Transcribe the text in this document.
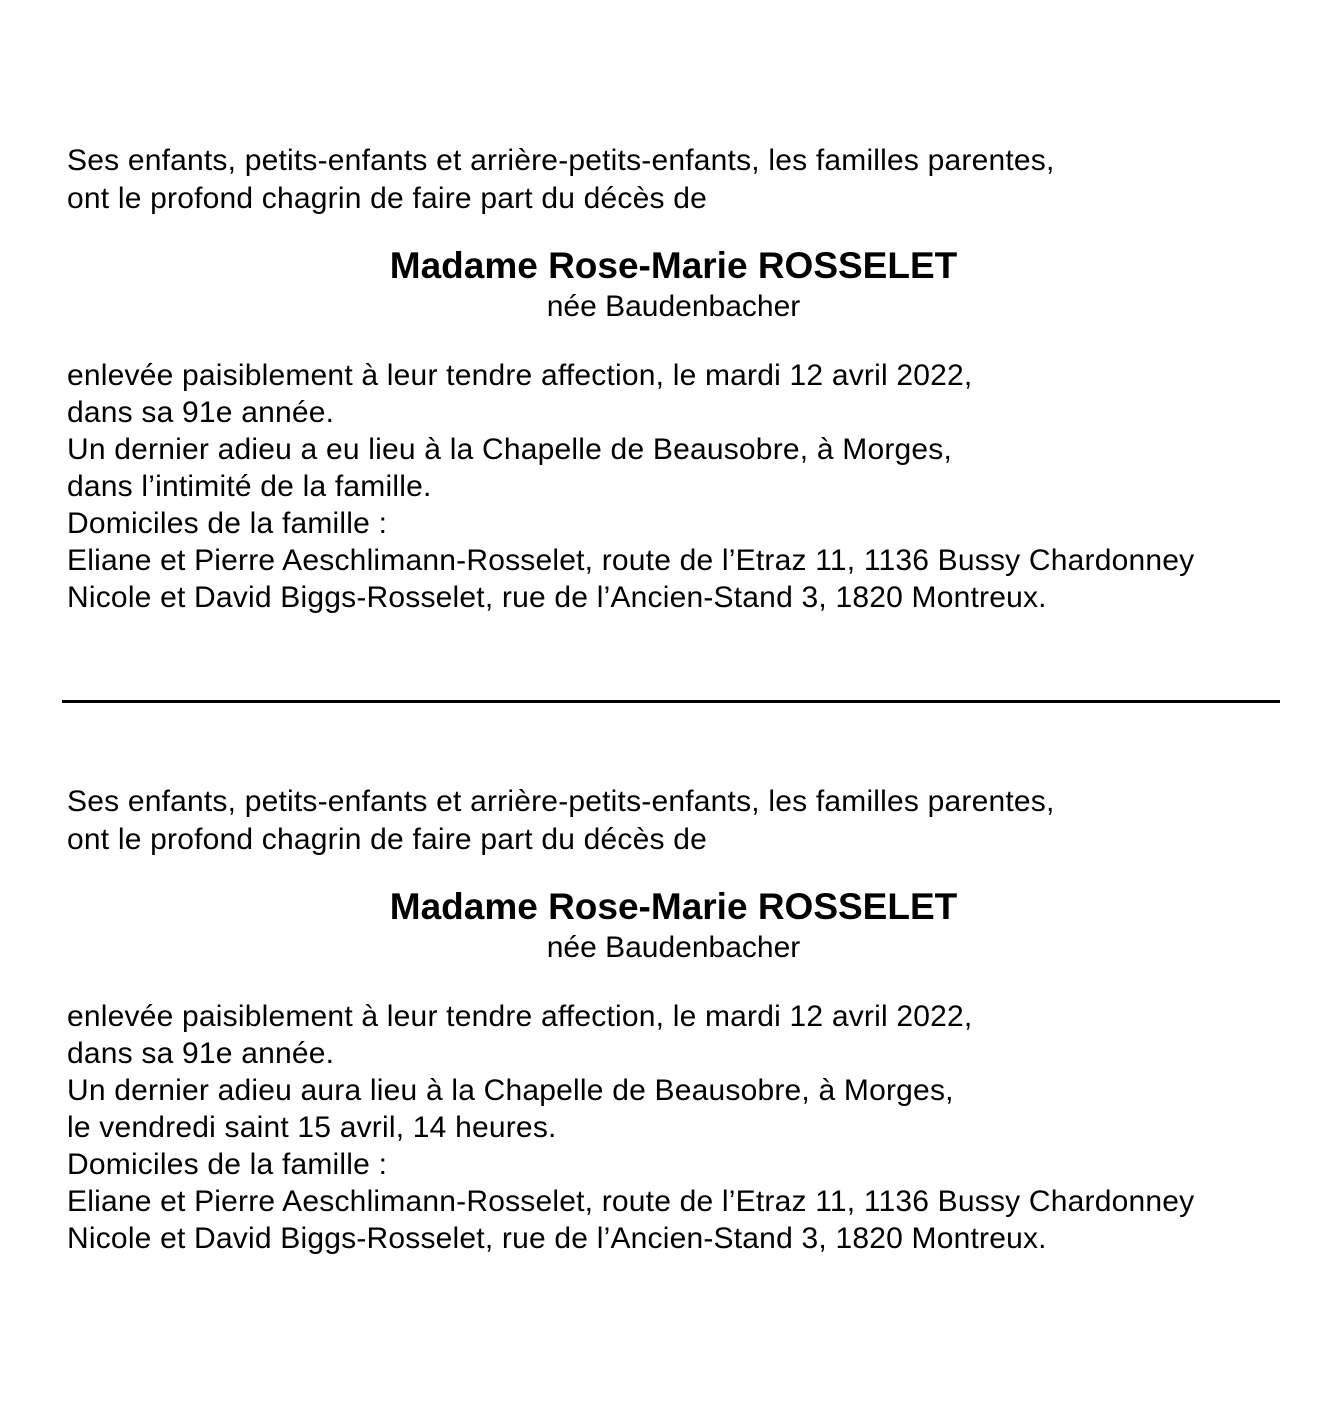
Ses enfants, petits-enfants et arrière-petits-enfants, les familles parentes,
ont le profond chagrin de faire part du décès de
Madame Rose-Marie ROSSELET
née Baudenbacher
enlevée paisiblement à leur tendre affection, le mardi 12 avril 2022,
dans sa 91e année.
Un dernier adieu a eu lieu à la Chapelle de Beausobre, à Morges,
dans l’intimité de la famille.
Domiciles de la famille :
Eliane et Pierre Aeschlimann-Rosselet, route de l’Etraz 11, 1136 Bussy Chardonney
Nicole et David Biggs-Rosselet, rue de l’Ancien-Stand 3, 1820 Montreux.
Ses enfants, petits-enfants et arrière-petits-enfants, les familles parentes,
ont le profond chagrin de faire part du décès de
Madame Rose-Marie ROSSELET
née Baudenbacher
enlevée paisiblement à leur tendre affection, le mardi 12 avril 2022,
dans sa 91e année.
Un dernier adieu aura lieu à la Chapelle de Beausobre, à Morges,
le vendredi saint 15 avril, 14 heures.
Domiciles de la famille :
Eliane et Pierre Aeschlimann-Rosselet, route de l’Etraz 11, 1136 Bussy Chardonney
Nicole et David Biggs-Rosselet, rue de l’Ancien-Stand 3, 1820 Montreux.
